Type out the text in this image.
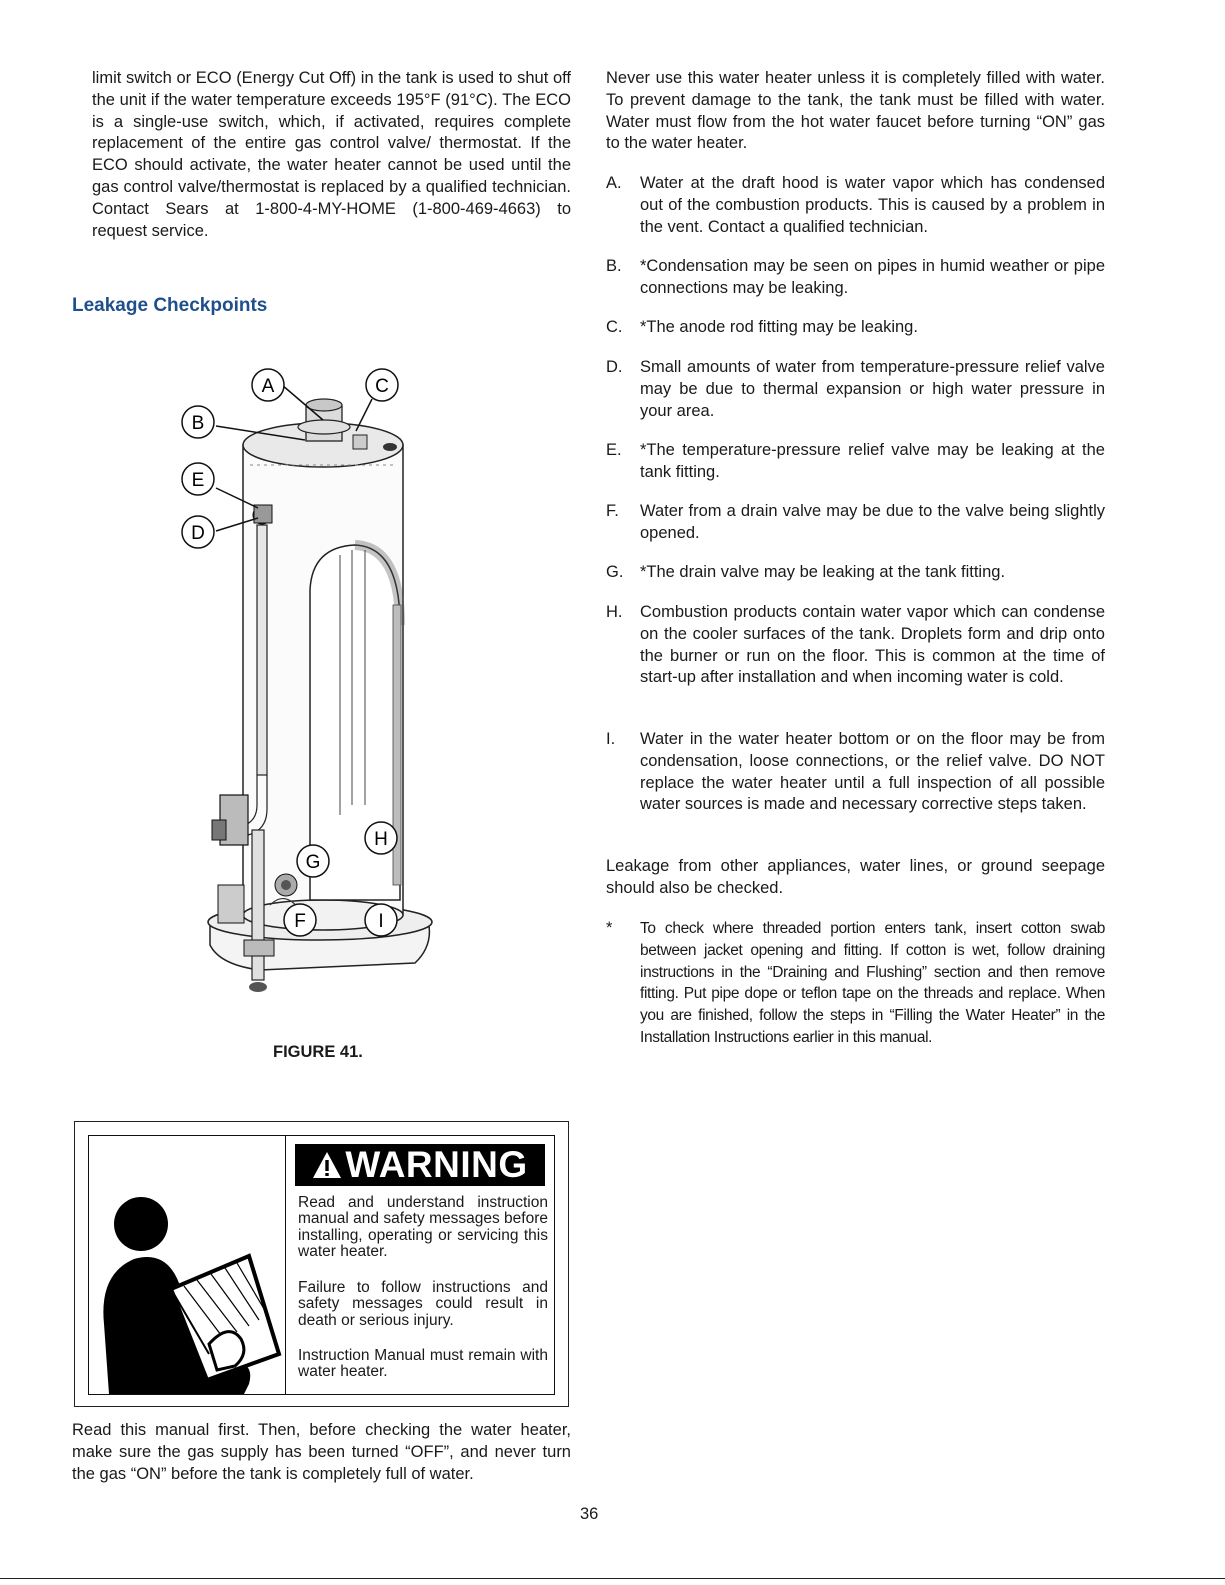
limit switch or ECO (Energy Cut Off) in the tank is used to shut off the unit if the water temperature exceeds 195°F (91°C). The ECO is a single-use switch, which, if activated, requires complete replacement of the entire gas control valve/ thermostat. If the ECO should activate, the water heater cannot be used until the gas control valve/thermostat is replaced by a qualified technician. Contact Sears at 1-800-4-MY-HOME (1-800-469-4663) to request service.

Leakage Checkpoints
A
B
C
D
E
F
G
H
I
FIGURE 41.
WARNING

Read and understand instruction manual and safety messages before installing, operating or servicing this water heater.

Failure to follow instructions and safety messages could result in death or serious injury.

Instruction Manual must remain with water heater.

Read this manual first. Then, before checking the water heater, make sure the gas supply has been turned “OFF”, and never turn the gas “ON” before the tank is completely full of water.

36

Never use this water heater unless it is completely filled with water. To prevent damage to the tank, the tank must be filled with water. Water must flow from the hot water faucet before turning “ON” gas to the water heater.

A. Water at the draft hood is water vapor which has condensed out of the combustion products. This is caused by a problem in the vent. Contact a qualified technician.

B. *Condensation may be seen on pipes in humid weather or pipe connections may be leaking.

C. *The anode rod fitting may be leaking.

D. Small amounts of water from temperature-pressure relief valve may be due to thermal expansion or high water pressure in your area.

E. *The temperature-pressure relief valve may be leaking at the tank fitting.

F. Water from a drain valve may be due to the valve being slightly opened.

G. *The drain valve may be leaking at the tank fitting.

H. Combustion products contain water vapor which can condense on the cooler surfaces of the tank. Droplets form and drip onto the burner or run on the floor. This is common at the time of start-up after installation and when incoming water is cold.

I. Water in the water heater bottom or on the floor may be from condensation, loose connections, or the relief valve. DO NOT replace the water heater until a full inspection of all possible water sources is made and necessary corrective steps taken.

Leakage from other appliances, water lines, or ground seepage should also be checked.

* To check where threaded portion enters tank, insert cotton swab between jacket opening and fitting. If cotton is wet, follow draining instructions in the “Draining and Flushing” section and then remove fitting. Put pipe dope or teflon tape on the threads and replace. When you are finished, follow the steps in “Filling the Water Heater” in the Installation Instructions earlier in this manual.
